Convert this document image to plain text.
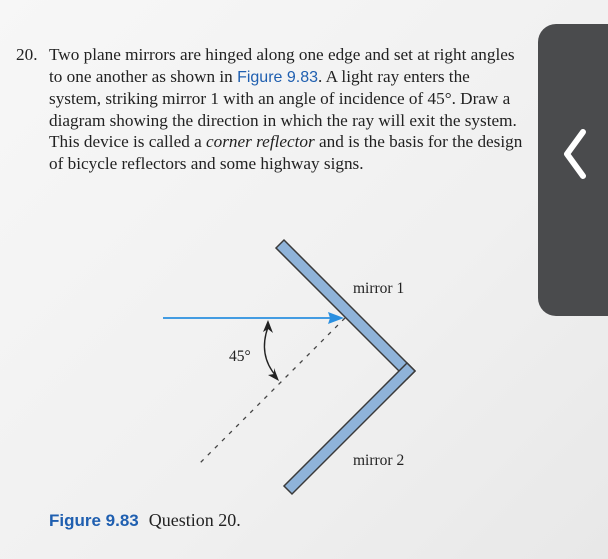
20. Two plane mirrors are hinged along one edge and set at right angles to one another as shown in Figure 9.83. A light ray enters the system, striking mirror 1 with an angle of incidence of 45°. Draw a diagram showing the direction in which the ray will exit the system. This device is called a corner reflector and is the basis for the design of bicycle reflectors and some highway signs.
45°
mirror 1
mirror 2
Figure 9.83 Question 20.
